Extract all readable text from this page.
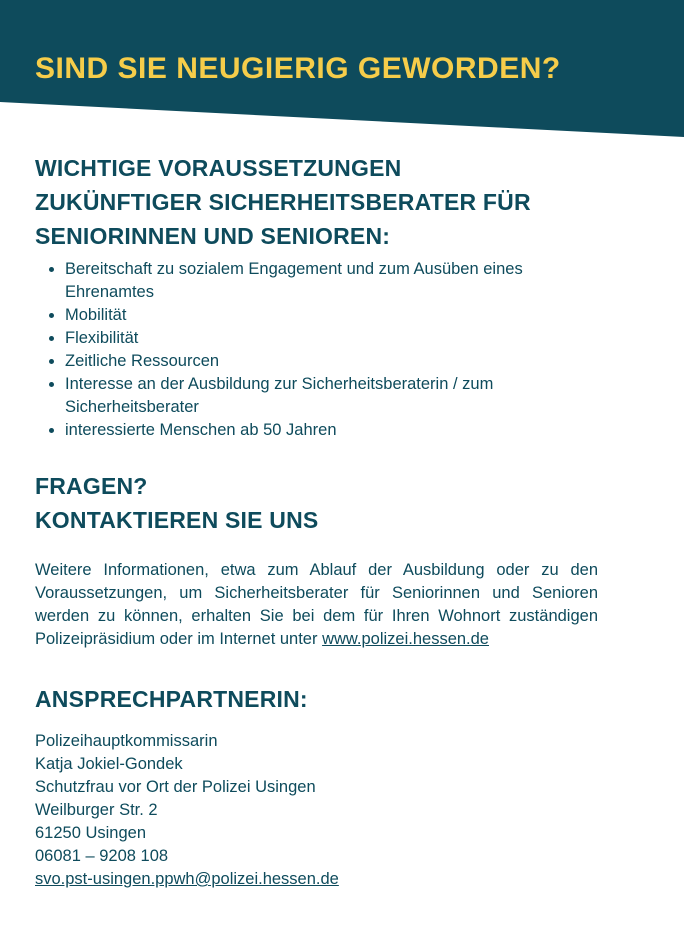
SIND SIE NEUGIERIG GEWORDEN?
WICHTIGE VORAUSSETZUNGEN
ZUKÜNFTIGER SICHERHEITSBERATER FÜR
SENIORINNEN UND SENIOREN:
Bereitschaft zu sozialem Engagement und zum Ausüben eines Ehrenamtes
Mobilität
Flexibilität
Zeitliche Ressourcen
Interesse an der Ausbildung zur Sicherheitsberaterin / zum Sicherheitsberater
interessierte Menschen ab 50 Jahren
FRAGEN?
KONTAKTIEREN SIE UNS

Weitere Informationen, etwa zum Ablauf der Ausbildung oder zu den Voraussetzungen, um Sicherheitsberater für Seniorinnen und Senioren werden zu können, erhalten Sie bei dem für Ihren Wohnort zuständigen Polizeipräsidium oder im Internet unter www.polizei.hessen.de

ANSPRECHPARTNERIN:
Polizeihauptkommissarin
Katja Jokiel-Gondek
Schutzfrau vor Ort der Polizei Usingen
Weilburger Str. 2
61250 Usingen
06081 – 9208 108
svo.pst-usingen.ppwh@polizei.hessen.de
